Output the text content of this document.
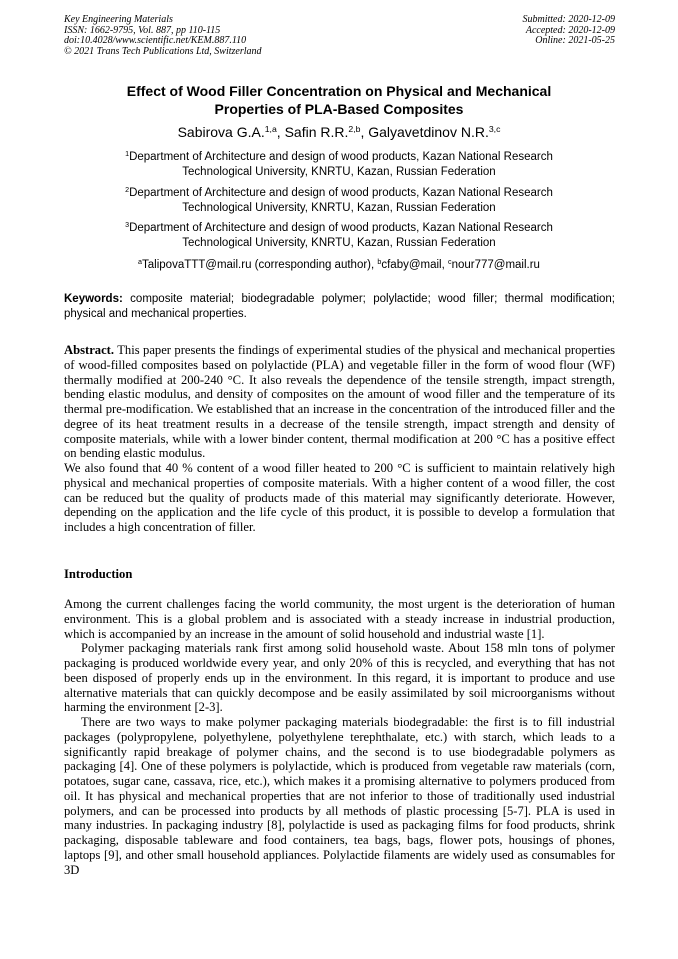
Key Engineering Materials
ISSN: 1662-9795, Vol. 887, pp 110-115
doi:10.4028/www.scientific.net/KEM.887.110
© 2021 Trans Tech Publications Ltd, Switzerland
Submitted: 2020-12-09
Accepted: 2020-12-09
Online: 2021-05-25
Effect of Wood Filler Concentration on Physical and Mechanical
Properties of PLA-Based Composites
Sabirova G.A.$^{1,a}$, Safin R.R.$^{2,b}$, Galyavetdinov N.R.$^{3,c}$
$^1$Department of Architecture and design of wood products, Kazan National Research
Technological University, KNRTU, Kazan, Russian Federation
$^2$Department of Architecture and design of wood products, Kazan National Research
Technological University, KNRTU, Kazan, Russian Federation
$^3$Department of Architecture and design of wood products, Kazan National Research
Technological University, KNRTU, Kazan, Russian Federation
$^a$TalipovaTTT@mail.ru (corresponding author), $^b$cfaby@mail, $^c$nour777@mail.ru
Keywords: composite material; biodegradable polymer; polylactide; wood filler; thermal modification; physical and mechanical properties.

Abstract. This paper presents the findings of experimental studies of the physical and mechanical properties of wood-filled composites based on polylactide (PLA) and vegetable filler in the form of wood flour (WF) thermally modified at 200-240 °C. It also reveals the dependence of the tensile strength, impact strength, bending elastic modulus, and density of composites on the amount of wood filler and the temperature of its thermal pre-modification. We established that an increase in the concentration of the introduced filler and the degree of its heat treatment results in a decrease of the tensile strength, impact strength and density of composite materials, while with a lower binder content, thermal modification at 200 °C has a positive effect on bending elastic modulus.

We also found that 40 % content of a wood filler heated to 200 °C is sufficient to maintain relatively high physical and mechanical properties of composite materials. With a higher content of a wood filler, the cost can be reduced but the quality of products made of this material may significantly deteriorate. However, depending on the application and the life cycle of this product, it is possible to develop a formulation that includes a high concentration of filler.

Introduction

Among the current challenges facing the world community, the most urgent is the deterioration of human environment. This is a global problem and is associated with a steady increase in industrial production, which is accompanied by an increase in the amount of solid household and industrial waste [1].

Polymer packaging materials rank first among solid household waste. About 158 mln tons of polymer packaging is produced worldwide every year, and only 20% of this is recycled, and everything that has not been disposed of properly ends up in the environment. In this regard, it is important to produce and use alternative materials that can quickly decompose and be easily assimilated by soil microorganisms without harming the environment [2-3].

There are two ways to make polymer packaging materials biodegradable: the first is to fill industrial packages (polypropylene, polyethylene, polyethylene terephthalate, etc.) with starch, which leads to a significantly rapid breakage of polymer chains, and the second is to use biodegradable polymers as packaging [4]. One of these polymers is polylactide, which is produced from vegetable raw materials (corn, potatoes, sugar cane, cassava, rice, etc.), which makes it a promising alternative to polymers produced from oil. It has physical and mechanical properties that are not inferior to those of traditionally used industrial polymers, and can be processed into products by all methods of plastic processing [5-7]. PLA is used in many industries. In packaging industry [8], polylactide is used as packaging films for food products, shrink packaging, disposable tableware and food containers, tea bags, bags, flower pots, housings of phones, laptops [9], and other small household appliances. Polylactide filaments are widely used as consumables for 3D
